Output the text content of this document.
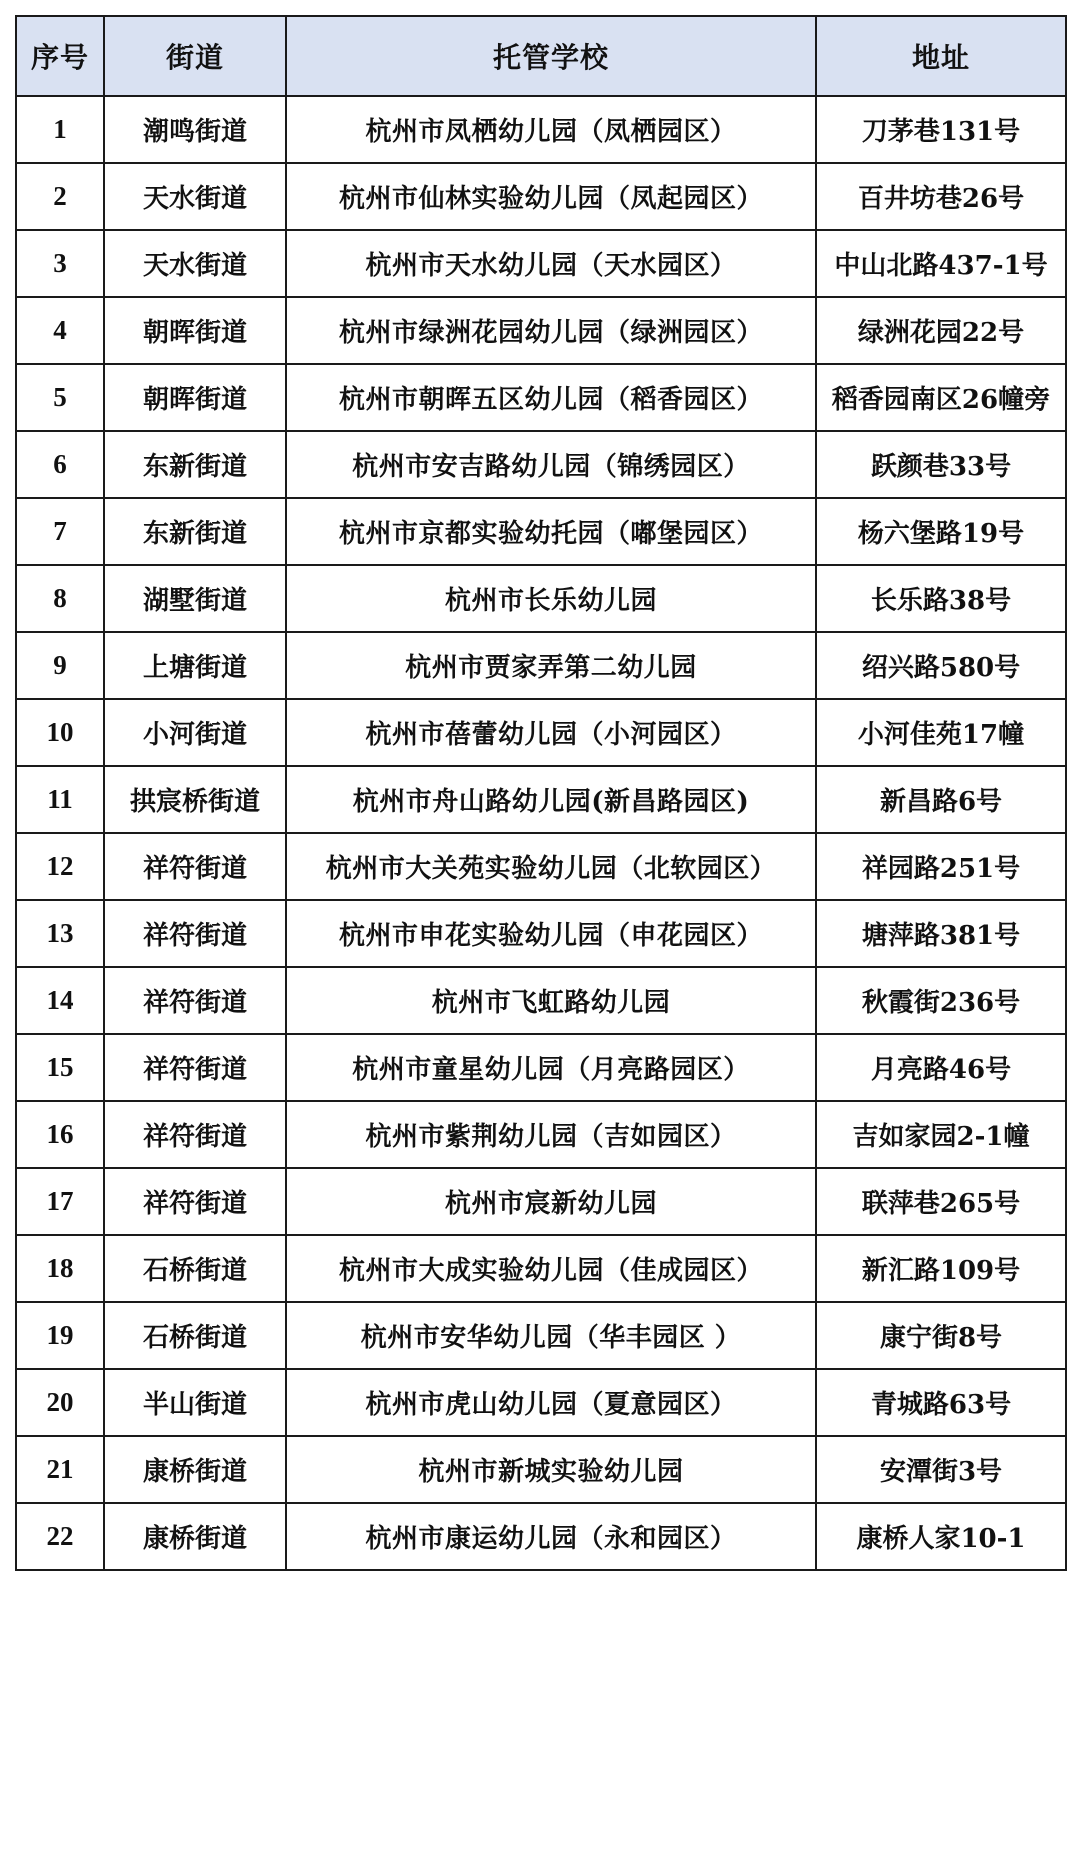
序号	街道	托管学校	地址
1	潮鸣街道	杭州市凤栖幼儿园（凤栖园区）	刀茅巷131号
2	天水街道	杭州市仙林实验幼儿园（凤起园区）	百井坊巷26号
3	天水街道	杭州市天水幼儿园（天水园区）	中山北路437-1号
4	朝晖街道	杭州市绿洲花园幼儿园（绿洲园区）	绿洲花园22号
5	朝晖街道	杭州市朝晖五区幼儿园（稻香园区）	稻香园南区26幢旁
6	东新街道	杭州市安吉路幼儿园（锦绣园区）	跃颜巷33号
7	东新街道	杭州市京都实验幼托园（嘟堡园区）	杨六堡路19号
8	湖墅街道	杭州市长乐幼儿园	长乐路38号
9	上塘街道	杭州市贾家弄第二幼儿园	绍兴路580号
10	小河街道	杭州市蓓蕾幼儿园（小河园区）	小河佳苑17幢
11	拱宸桥街道	杭州市舟山路幼儿园(新昌路园区)	新昌路6号
12	祥符街道	杭州市大关苑实验幼儿园（北软园区）	祥园路251号
13	祥符街道	杭州市申花实验幼儿园（申花园区）	塘萍路381号
14	祥符街道	杭州市飞虹路幼儿园	秋霞街236号
15	祥符街道	杭州市童星幼儿园（月亮路园区）	月亮路46号
16	祥符街道	杭州市紫荆幼儿园（吉如园区）	吉如家园2-1幢
17	祥符街道	杭州市宸新幼儿园	联萍巷265号
18	石桥街道	杭州市大成实验幼儿园（佳成园区）	新汇路109号
19	石桥街道	杭州市安华幼儿园（华丰园区 ）	康宁街8号
20	半山街道	杭州市虎山幼儿园（夏意园区）	青城路63号
21	康桥街道	杭州市新城实验幼儿园	安潭街3号
22	康桥街道	杭州市康运幼儿园（永和园区）	康桥人家10-1
